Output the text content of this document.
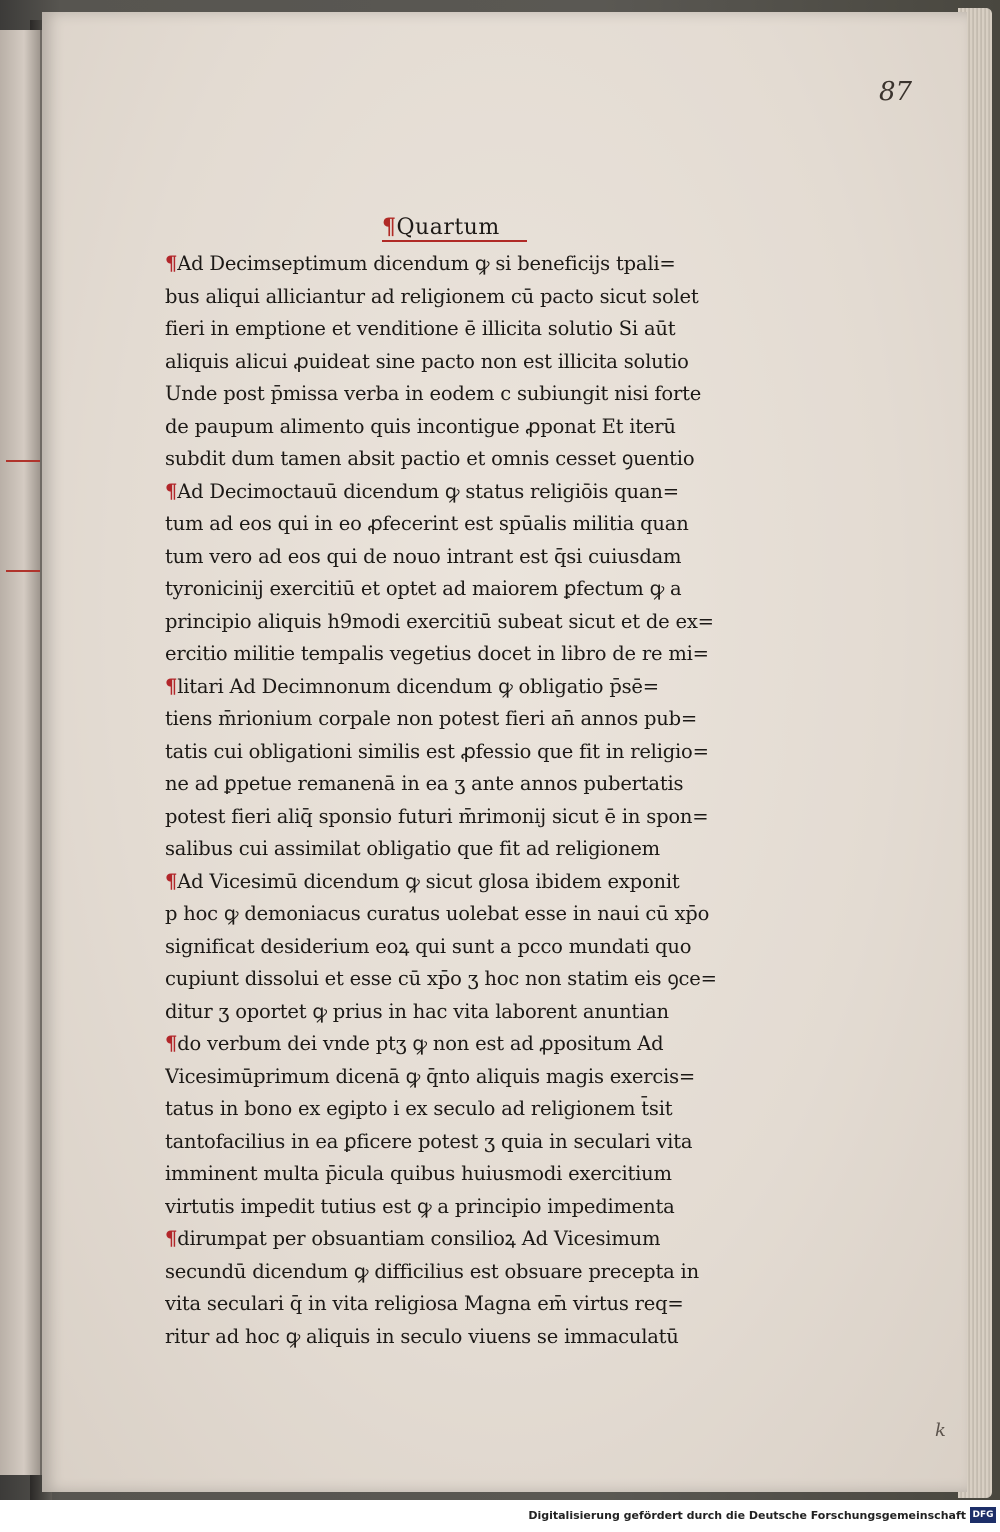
87
¶Quartum
¶Ad Decimseptimum dicendum ꝙ si beneficijs tpali=
bus aliqui alliciantur ad religionem cū pacto sicut solet
fieri in emptione et venditione ē illicita solutio Si aūt
aliquis alicui ꝓuideat sine pacto non est illicita solutio
Unde post p̄missa verba in eodem c subiungit nisi forte
de paupum alimento quis incontigue ꝓponat Et iterū
subdit dum tamen absit pactio et omnis cesset ꝯuentio
¶Ad Decimoctauū dicendum ꝙ status religiōis quan=
tum ad eos qui in eo ꝓfecerint est spūalis militia quan
tum vero ad eos qui de nouo intrant est q̄si cuiusdam
tyronicinij exercitiū et optet ad maiorem ꝑfectum ꝙ a
principio aliquis h9modi exercitiū subeat sicut et de ex=
ercitio militie tempalis vegetius docet in libro de re mi=
¶litari Ad Decimnonum dicendum ꝙ obligatio p̄sē=
tiens m̄rionium corpale non potest fieri an̄ annos pub=
tatis cui obligationi similis est ꝓfessio que fit in religio=
ne ad ꝑpetue remanenā in ea ʒ ante annos pubertatis
potest fieri aliq̄ sponsio futuri m̄rimonij sicut ē in spon=
salibus cui assimilat obligatio que fit ad religionem
¶Ad Vicesimū dicendum ꝙ sicut glosa ibidem exponit
p hoc ꝙ demoniacus curatus uolebat esse in naui cū xp̄o
significat desiderium eoꝝ qui sunt a pcco mundati quo
cupiunt dissolui et esse cū xp̄o ʒ hoc non statim eis ꝯce=
ditur ʒ oportet ꝙ prius in hac vita laborent anuntian
¶do verbum dei vnde ptʒ ꝙ non est ad ꝓpositum Ad
Vicesimūprimum dicenā ꝙ q̄nto aliquis magis exercis=
tatus in bono ex egipto i ex seculo ad religionem t̄sit
tantofacilius in ea ꝑficere potest ʒ quia in seculari vita
imminent multa p̄icula quibus huiusmodi exercitium
virtutis impedit tutius est ꝙ a principio impedimenta
¶dirumpat per obsuantiam consilioꝝ Ad Vicesimum
secundū dicendum ꝙ difficilius est obsuare precepta in
vita seculari q̄ in vita religiosa Magna em̄ virtus req=
ritur ad hoc ꝙ aliquis in seculo viuens se immaculatū
k
Digitalisierung gefördert durch die Deutsche Forschungsgemeinschaft DFG
